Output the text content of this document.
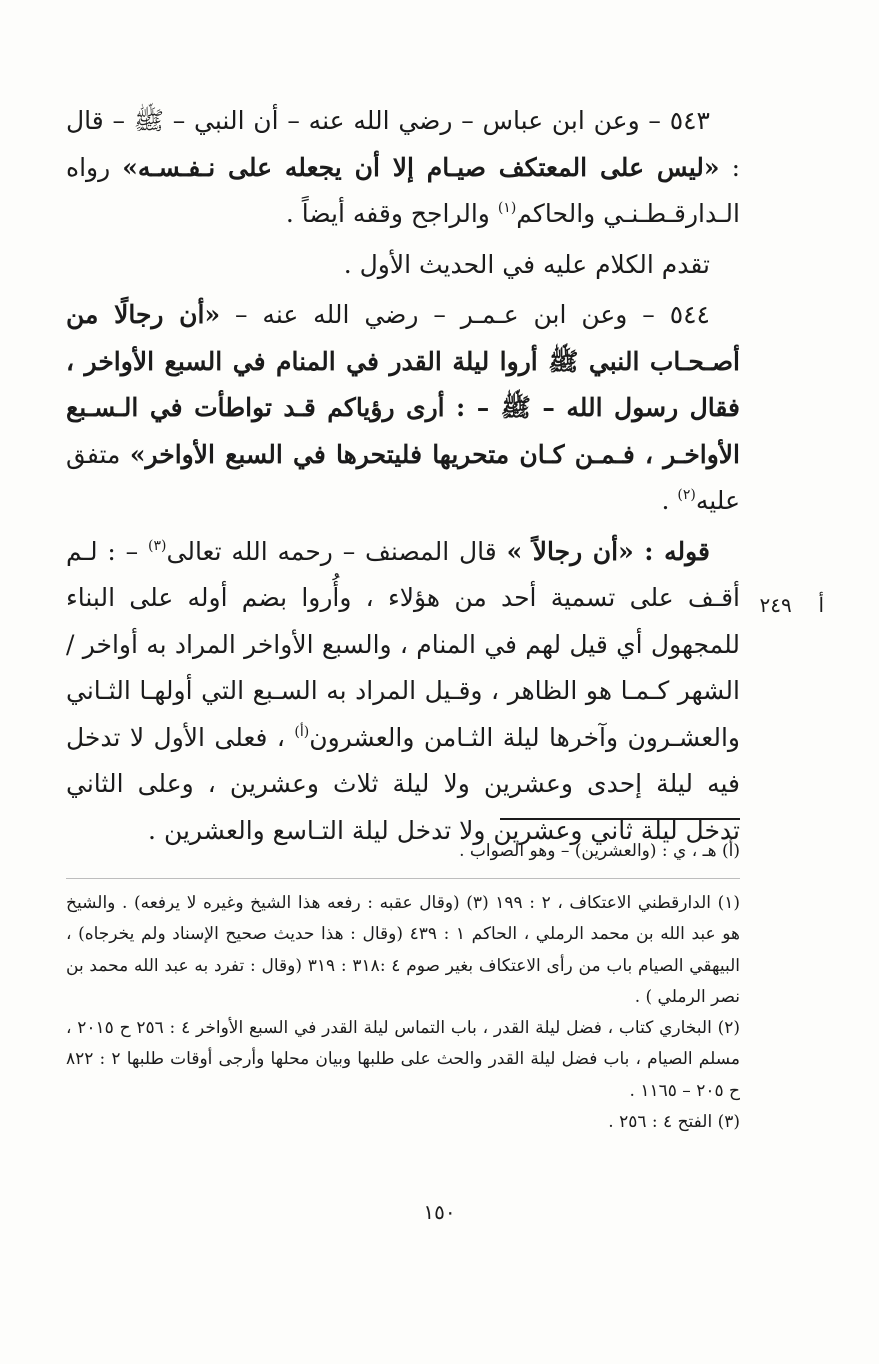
٥٤٣ – وعن ابن عباس – رضي الله عنه – أن النبي – ﷺ – قال : «ليس على المعتكف صيـام إلا أن يجعله على نـفـسـه» رواه الـدارقـطـنـي والحاكم$^{(١)}$ والراجح وقفه أيضاً .

تقدم الكلام عليه في الحديث الأول .

٥٤٤ – وعن ابن عـمـر – رضي الله عنه – «أن رجالًا من أصـحـاب النبي ﷺ أروا ليلة القدر في المنام في السبع الأواخر ، فقال رسول الله – ﷺ – : أرى رؤياكم قـد تواطأت في الـسـبع الأواخـر ، فـمـن كـان متحريها فليتحرها في السبع الأواخر» متفق عليه$^{(٢)}$ .

قوله : «أن رجالاً » قال المصنف – رحمه الله تعالى$^{(٣)}$ – : لـم أقـف على تسمية أحد من هؤلاء ، وأُروا بضم أوله على البناء للمجهول أي قيل لهم في المنام ، والسبع الأواخر المراد به أواخر / الشهر كـمـا هو الظاهر ، وقـيل المراد به السـبع التي أولهـا الثـاني والعشـرون وآخرها ليلة الثـامن والعشرون$^{(أ)}$ ، فعلى الأول لا تدخل فيه ليلة إحدى وعشرين ولا ليلة ثلاث وعشرين ، وعلى الثاني تدخل ليلة ثاني وعشرين ولا تدخل ليلة التـاسع والعشرين .

أ  ٢٤٩
(أ) هـ ، ي : (والعشرين) – وهو الصواب .

(١) الدارقطني الاعتكاف ، ٢ : ١٩٩ (٣) (وقال عقبه : رفعه هذا الشيخ وغيره لا يرفعه) . والشيخ هو عبد الله بن محمد الرملي ، الحاكم ١ : ٤٣٩ (وقال : هذا حديث صحيح الإسناد ولم يخرجاه) ، البيهقي الصيام باب من رأى الاعتكاف بغير صوم ٤ :٣١٨ : ٣١٩ (وقال : تفرد به عبد الله محمد بن نصر الرملي ) .

(٢) البخاري كتاب ، فضل ليلة القدر ، باب التماس ليلة القدر في السبع الأواخر ٤ : ٢٥٦ ح ٢٠١٥ ، مسلم الصيام ، باب فضل ليلة القدر والحث على طلبها وبيان محلها وأرجى أوقات طلبها ٢ : ٨٢٢ ح ٢٠٥ – ١١٦٥ .

(٣) الفتح ٤ : ٢٥٦ .

١٥٠
